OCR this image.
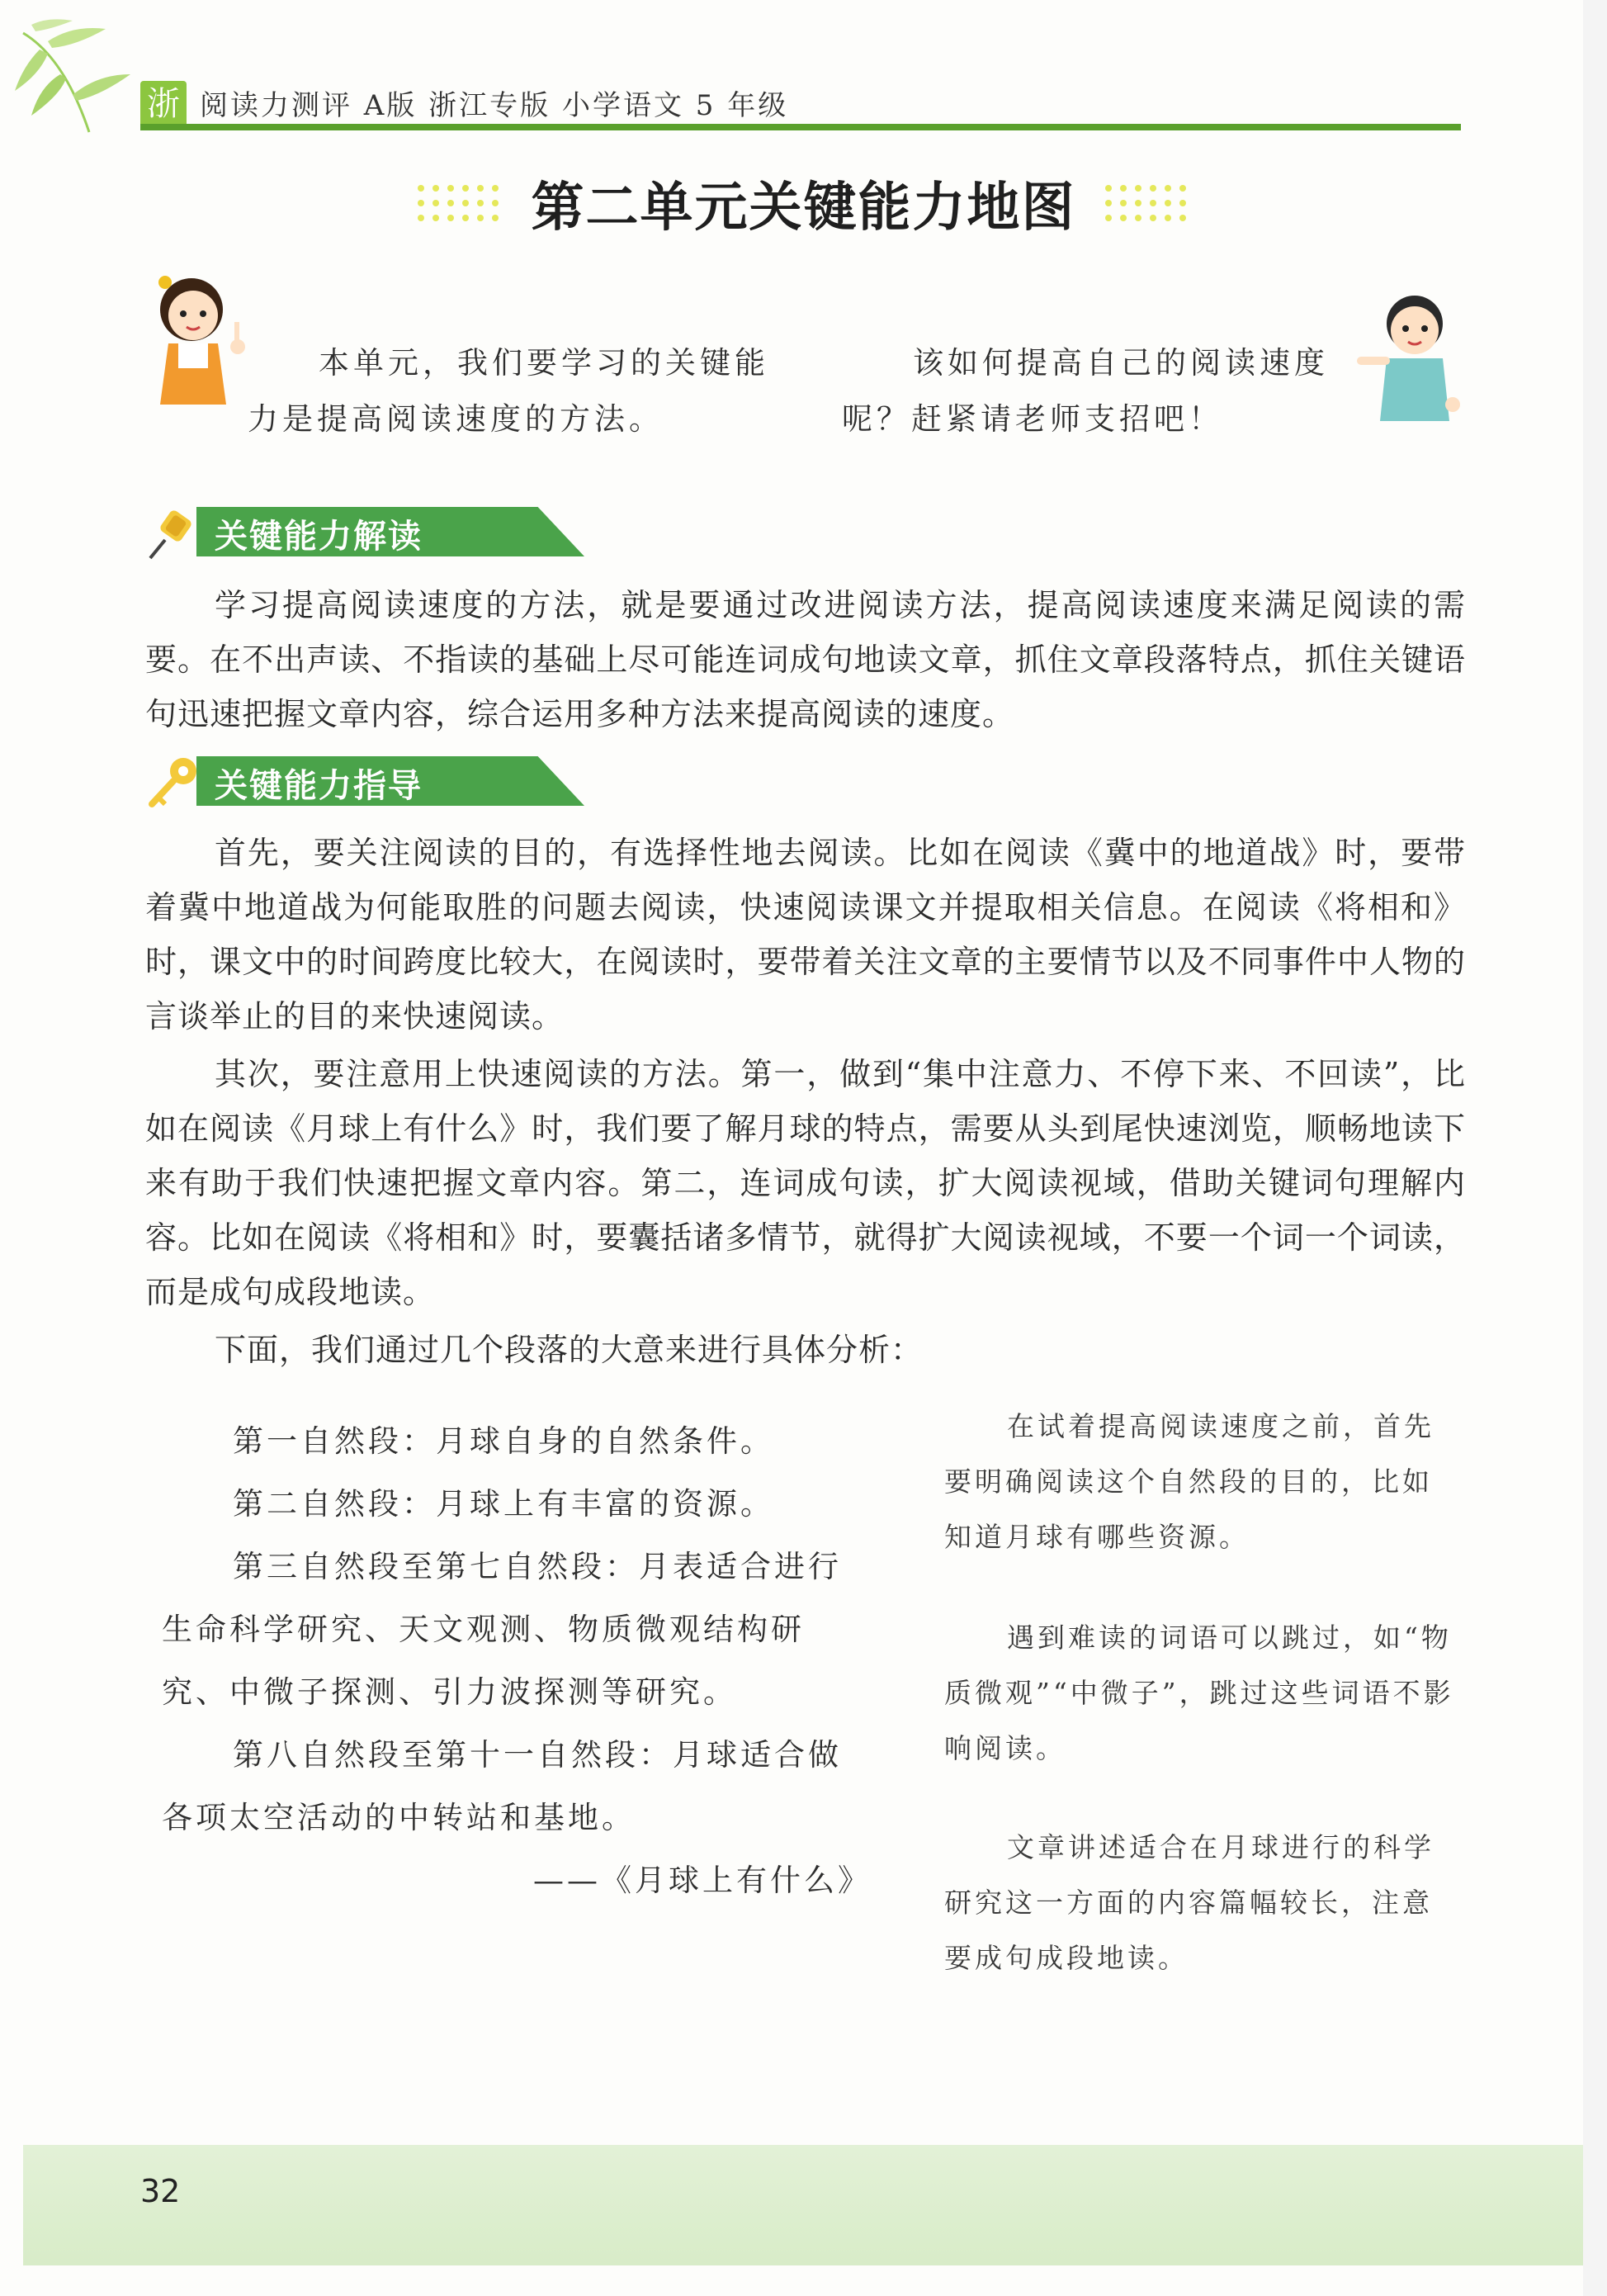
浙 阅读力测评 A版 浙江专版 小学语文 5 年级
第二单元关键能力地图
本单元，我们要学习的关键能力是提高阅读速度的方法。
该如何提高自己的阅读速度呢？赶紧请老师支招吧！
关键能力解读

学习提高阅读速度的方法，就是要通过改进阅读方法，提高阅读速度来满足阅读的需要。在不出声读、不指读的基础上尽可能连词成句地读文章，抓住文章段落特点，抓住关键语句迅速把握文章内容，综合运用多种方法来提高阅读的速度。

关键能力指导

首先，要关注阅读的目的，有选择性地去阅读。比如在阅读《冀中的地道战》时，要带着冀中地道战为何能取胜的问题去阅读，快速阅读课文并提取相关信息。在阅读《将相和》时，课文中的时间跨度比较大，在阅读时，要带着关注文章的主要情节以及不同事件中人物的言谈举止的目的来快速阅读。

其次，要注意用上快速阅读的方法。第一，做到“集中注意力、不停下来、不回读”，比如在阅读《月球上有什么》时，我们要了解月球的特点，需要从头到尾快速浏览，顺畅地读下来有助于我们快速把握文章内容。第二，连词成句读，扩大阅读视域，借助关键词句理解内容。比如在阅读《将相和》时，要囊括诸多情节，就得扩大阅读视域，不要一个词一个词读，而是成句成段地读。

下面，我们通过几个段落的大意来进行具体分析：

第一自然段：月球自身的自然条件。

第二自然段：月球上有丰富的资源。

第三自然段至第七自然段：月表适合进行生命科学研究、天文观测、物质微观结构研究、中微子探测、引力波探测等研究。

第八自然段至第十一自然段：月球适合做各项太空活动的中转站和基地。

——《月球上有什么》

在试着提高阅读速度之前，首先要明确阅读这个自然段的目的，比如知道月球有哪些资源。

遇到难读的词语可以跳过，如“物质微观”“中微子”，跳过这些词语不影响阅读。

文章讲述适合在月球进行的科学研究这一方面的内容篇幅较长，注意要成句成段地读。

32
